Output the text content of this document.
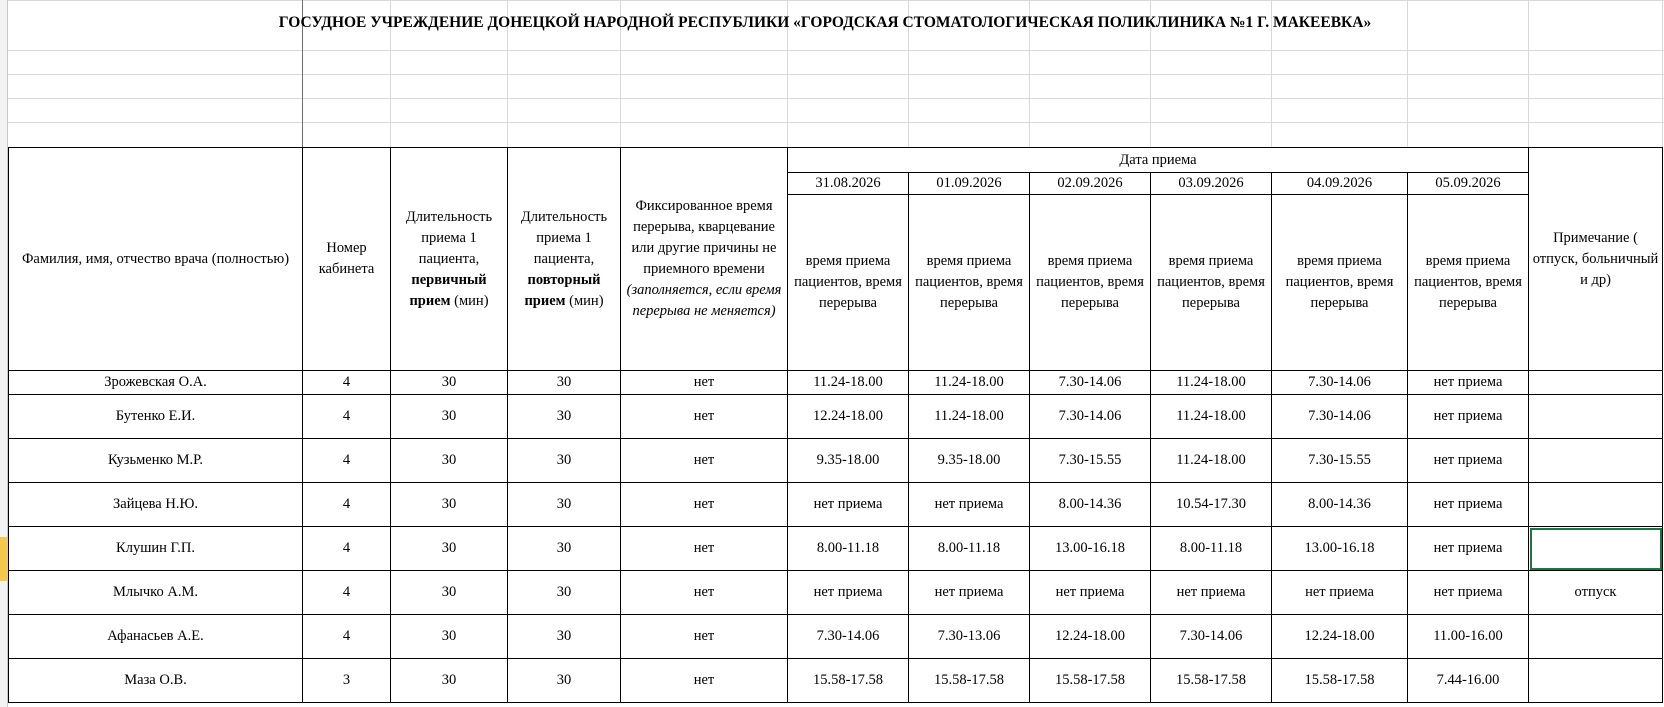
ГОСУДНОЕ УЧРЕЖДЕНИЕ ДОНЕЦКОЙ НАРОДНОЙ РЕСПУБЛИКИ «ГОРОДСКАЯ СТОМАТОЛОГИЧЕСКАЯ ПОЛИКЛИНИКА №1 Г. МАКЕЕВКА»
Фамилия, имя, отчество врача (полностью)	Номер кабинета	Длительность приема 1 пациента, первичный прием (мин)	Длительность приема 1 пациента, повторный прием (мин)	Фиксированное время перерыва, кварцевание или другие причины не приемного времени (заполняется, если время перерыва не меняется)	Дата приема						Примечание ( отпуск, больничный и др)
					31.08.2026	01.09.2026	02.09.2026	03.09.2026	04.09.2026	05.09.2026	
					время приема пациентов, время перерыва	время приема пациентов, время перерыва	время приема пациентов, время перерыва	время приема пациентов, время перерыва	время приема пациентов, время перерыва	время приема пациентов, время перерыва	
Зрожевская О.А.	4	30	30	нет	11.24-18.00	11.24-18.00	7.30-14.06	11.24-18.00	7.30-14.06	нет приема	
Бутенко Е.И.	4	30	30	нет	12.24-18.00	11.24-18.00	7.30-14.06	11.24-18.00	7.30-14.06	нет приема	
Кузьменко М.Р.	4	30	30	нет	9.35-18.00	9.35-18.00	7.30-15.55	11.24-18.00	7.30-15.55	нет приема	
Зайцева Н.Ю.	4	30	30	нет	нет приема	нет приема	8.00-14.36	10.54-17.30	8.00-14.36	нет приема	
Клушин Г.П.	4	30	30	нет	8.00-11.18	8.00-11.18	13.00-16.18	8.00-11.18	13.00-16.18	нет приема	
Млычко А.М.	4	30	30	нет	нет приема	нет приема	нет приема	нет приема	нет приема	нет приема	отпуск
Афанасьев А.Е.	4	30	30	нет	7.30-14.06	7.30-13.06	12.24-18.00	7.30-14.06	12.24-18.00	11.00-16.00	
Маза О.В.	3	30	30	нет	15.58-17.58	15.58-17.58	15.58-17.58	15.58-17.58	15.58-17.58	7.44-16.00	
